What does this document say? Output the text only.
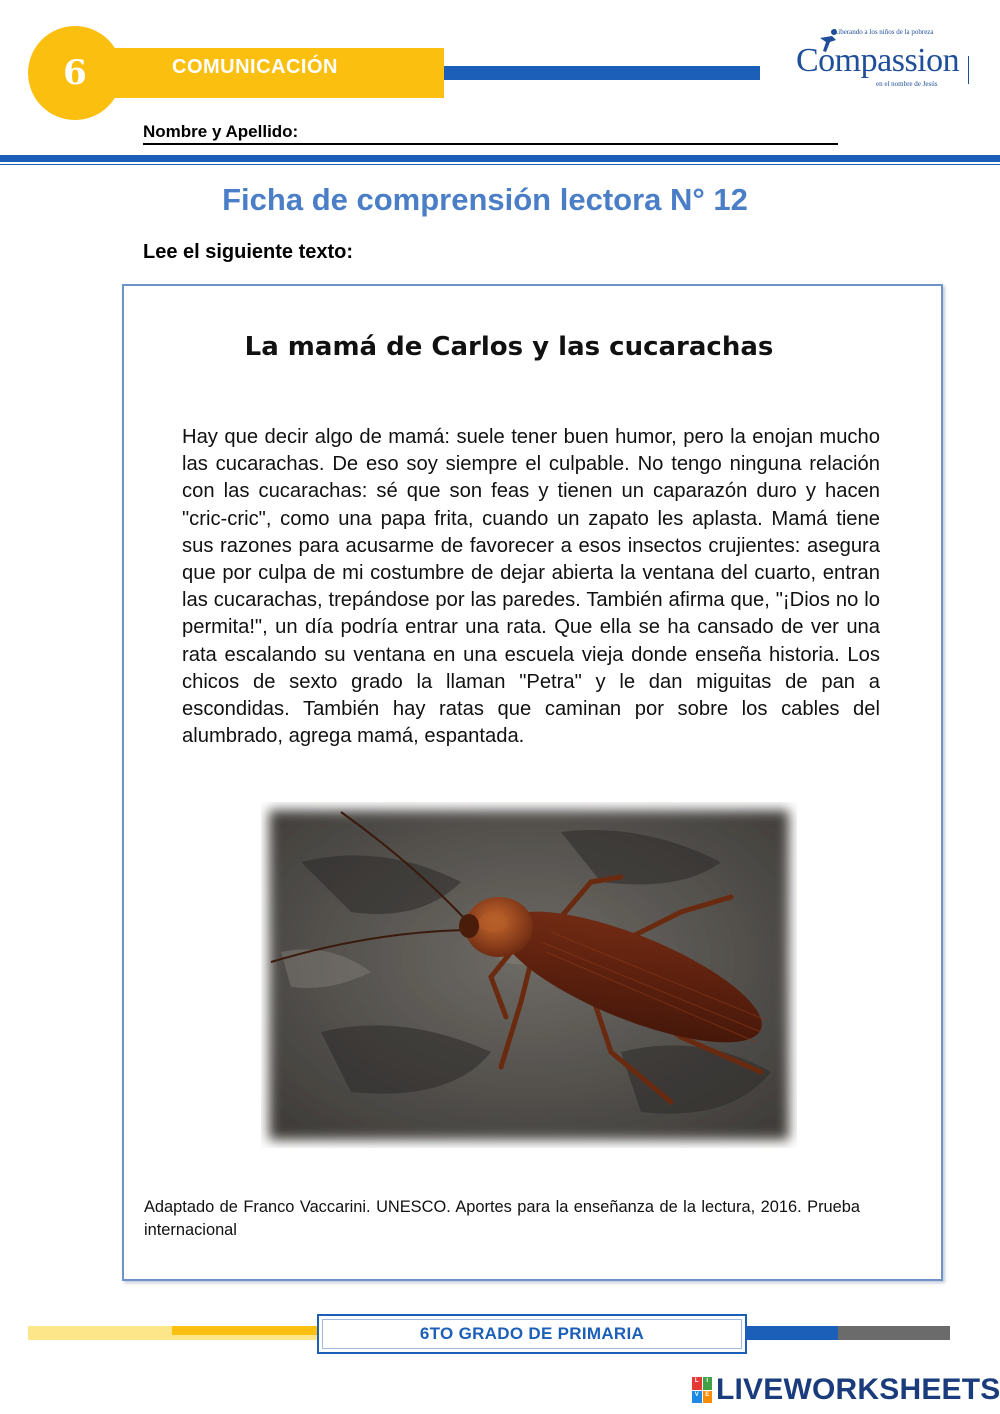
6	COMUNICACIÓN
Liberando a los niños de la pobreza
Compassion
en el nombre de Jesús
Nombre y Apellido:
Ficha de comprensión lectora N° 12
Lee el siguiente texto:
La mamá de Carlos y las cucarachas

Hay que decir algo de mamá: suele tener buen humor, pero la enojan mucho las cucarachas. De eso soy siempre el culpable. No tengo ninguna relación con las cucarachas: sé que son feas y tienen un caparazón duro y hacen "cric-cric", como una papa frita, cuando un zapato les aplasta. Mamá tiene sus razones para acusarme de favorecer a esos insectos crujientes: asegura que por culpa de mi costumbre de dejar abierta la ventana del cuarto, entran las cucarachas, trepándose por las paredes. También afirma que, "¡Dios no lo permita!", un día podría entrar una rata. Que ella se ha cansado de ver una rata escalando su ventana en una escuela vieja donde enseña historia. Los chicos de sexto grado la llaman "Petra" y le dan miguitas de pan a escondidas. También hay ratas que caminan por sobre los cables del alumbrado, agrega mamá, espantada.

Adaptado de Franco Vaccarini. UNESCO. Aportes para la enseñanza de la lectura, 2016. Prueba internacional

6TO GRADO DE PRIMARIA
L	I
V	E LIVEWORKSHEETS
